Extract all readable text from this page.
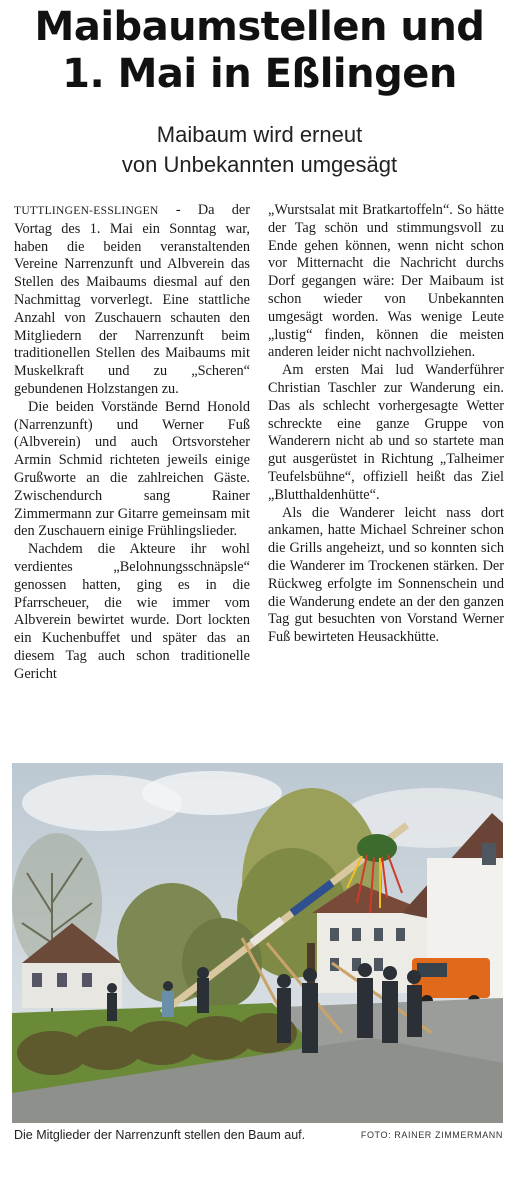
Maibaumstellen und
1. Mai in Eßlingen
Maibaum wird erneut
von Unbekannten umgesägt

TUTTLINGEN-ESSLINGEN - Da der Vortag des 1. Mai ein Sonntag war, haben die beiden veranstaltenden Vereine Narrenzunft und Albverein das Stellen des Maibaums diesmal auf den Nachmittag vorverlegt. Eine stattliche Anzahl von Zuschauern schauten den Mitgliedern der Narrenzunft beim traditionellen Stellen des Maibaums mit Muskelkraft und zu „Scheren“ gebundenen Holzstangen zu.

Die beiden Vorstände Bernd Honold (Narrenzunft) und Werner Fuß (Albverein) und auch Ortsvorsteher Armin Schmid richteten jeweils einige Grußworte an die zahlreichen Gäste. Zwischendurch sang Rainer Zimmermann zur Gitarre gemeinsam mit den Zuschauern einige Frühlingslieder.

Nachdem die Akteure ihr wohl verdientes „Belohnungsschnäpsle“ genossen hatten, ging es in die Pfarrscheuer, die wie immer vom Albverein bewirtet wurde. Dort lockten ein Kuchenbuffet und später das an diesem Tag auch schon traditionelle Gericht

„Wurstsalat mit Bratkartoffeln“. So hätte der Tag schön und stimmungsvoll zu Ende gehen können, wenn nicht schon vor Mitternacht die Nachricht durchs Dorf gegangen wäre: Der Maibaum ist schon wieder von Unbekannten umgesägt worden. Was wenige Leute „lustig“ finden, können die meisten anderen leider nicht nachvollziehen.

Am ersten Mai lud Wanderführer Christian Taschler zur Wanderung ein. Das als schlecht vorhergesagte Wetter schreckte eine ganze Gruppe von Wanderern nicht ab und so startete man gut ausgerüstet in Richtung „Talheimer Teufelsbühne“, offiziell heißt das Ziel „Blutthaldenhütte“.

Als die Wanderer leicht nass dort ankamen, hatte Michael Schreiner schon die Grills angeheizt, und so konnten sich die Wanderer im Trockenen stärken. Der Rückweg erfolgte im Sonnenschein und die Wanderung endete an der den ganzen Tag gut besuchten von Vorstand Werner Fuß bewirteten Heusackhütte.

Die Mitglieder der Narrenzunft stellen den Baum auf.	FOTO: RAINER ZIMMERMANN
